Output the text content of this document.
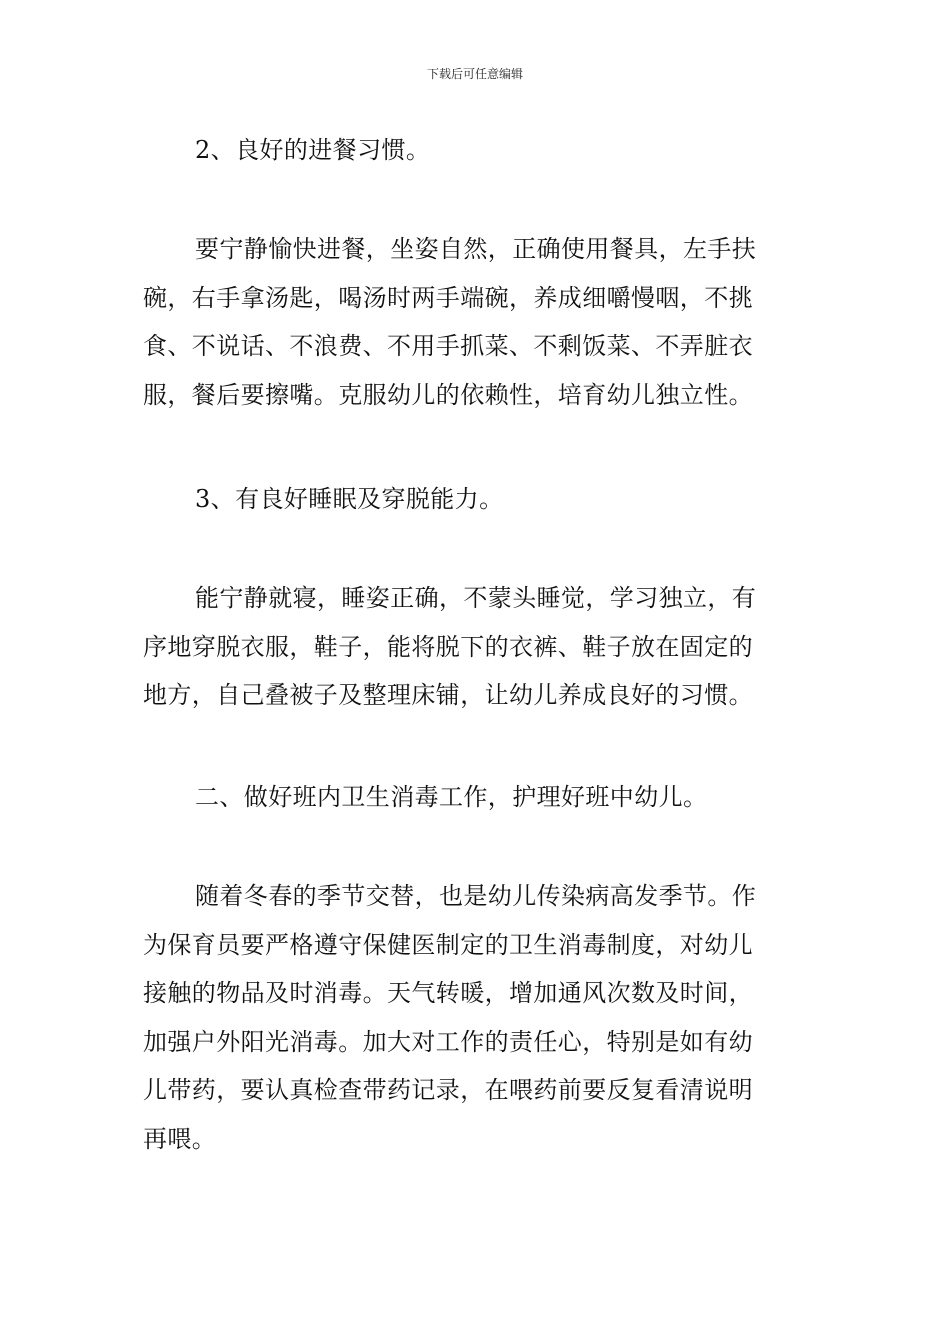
下载后可任意编辑
2、良好的进餐习惯。
要宁静愉快进餐，坐姿自然，正确使用餐具，左手扶
碗，右手拿汤匙，喝汤时两手端碗，养成细嚼慢咽，不挑
食、不说话、不浪费、不用手抓菜、不剩饭菜、不弄脏衣
服，餐后要擦嘴。克服幼儿的依赖性，培育幼儿独立性。
3、有良好睡眠及穿脱能力。
能宁静就寝，睡姿正确，不蒙头睡觉，学习独立，有
序地穿脱衣服，鞋子，能将脱下的衣裤、鞋子放在固定的
地方，自己叠被子及整理床铺，让幼儿养成良好的习惯。
二、做好班内卫生消毒工作，护理好班中幼儿。
随着冬春的季节交替，也是幼儿传染病高发季节。作
为保育员要严格遵守保健医制定的卫生消毒制度，对幼儿
接触的物品及时消毒。天气转暖，增加通风次数及时间，
加强户外阳光消毒。加大对工作的责任心，特别是如有幼
儿带药，要认真检查带药记录，在喂药前要反复看清说明
再喂。
